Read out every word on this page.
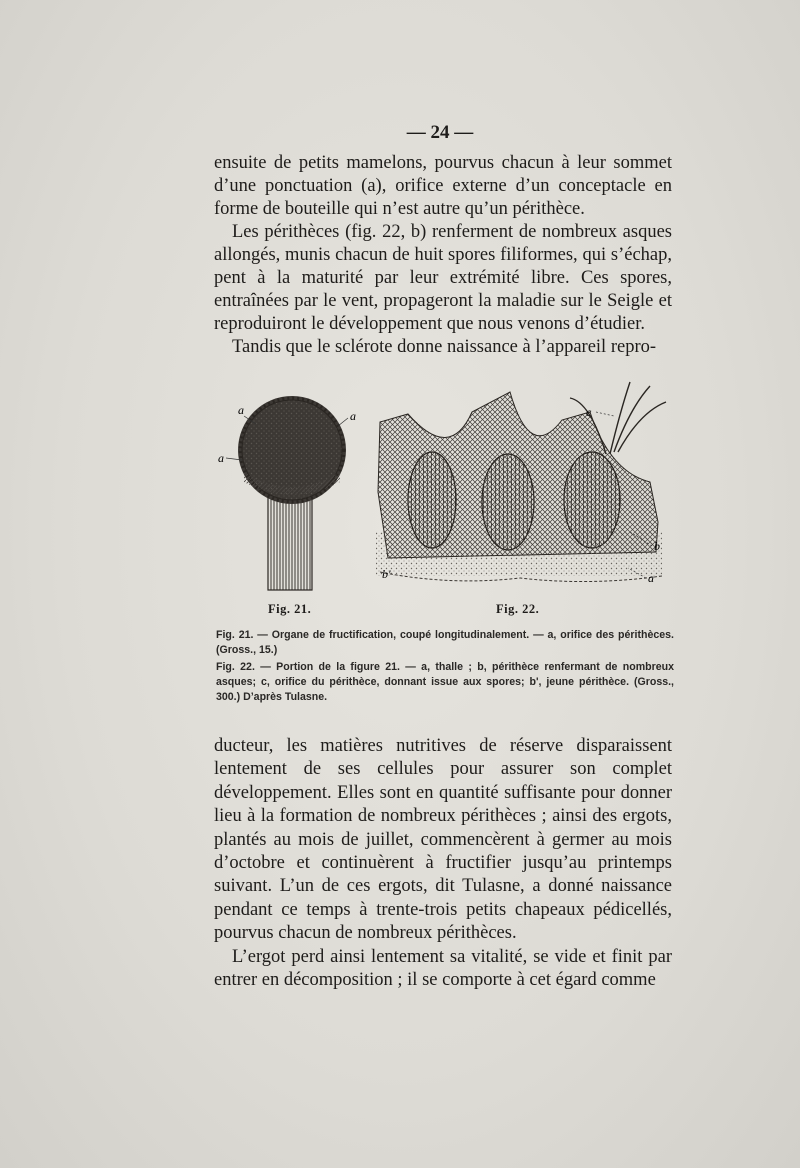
— 24 —

ensuite de petits mamelons, pourvus chacun à leur sommet d’une ponctuation (a), orifice externe d’un conceptacle en forme de bouteille qui n’est autre qu’un périthèce.

Les périthèces (fig. 22, b) renferment de nombreux asques allongés, munis chacun de huit spores filiformes, qui s’échap, pent à la maturité par leur extrémité libre. Ces spores, entraînées par le vent, propageront la maladie sur le Seigle et reproduiront le développement que nous venons d’étudier.

Tandis que le sclérote donne naissance à l’appareil repro-

a	a
a
c
b
b'	a
Fig. 21.	Fig. 22.

Fig. 21. — Organe de fructification, coupé longitudinalement. — a, orifice des périthèces. (Gross., 15.)

Fig. 22. — Portion de la figure 21. — a, thalle ; b, périthèce renfermant de nombreux asques; c, orifice du périthèce, donnant issue aux spores; b', jeune périthèce. (Gross., 300.) D’après Tulasne.

ducteur, les matières nutritives de réserve disparaissent lentement de ses cellules pour assurer son complet développement. Elles sont en quantité suffisante pour donner lieu à la formation de nombreux périthèces ; ainsi des ergots, plantés au mois de juillet, commencèrent à germer au mois d’octobre et continuèrent à fructifier jusqu’au printemps suivant. L’un de ces ergots, dit Tulasne, a donné naissance pendant ce temps à trente-trois petits chapeaux pédicellés, pourvus chacun de nombreux périthèces.

L’ergot perd ainsi lentement sa vitalité, se vide et finit par entrer en décomposition ; il se comporte à cet égard comme
